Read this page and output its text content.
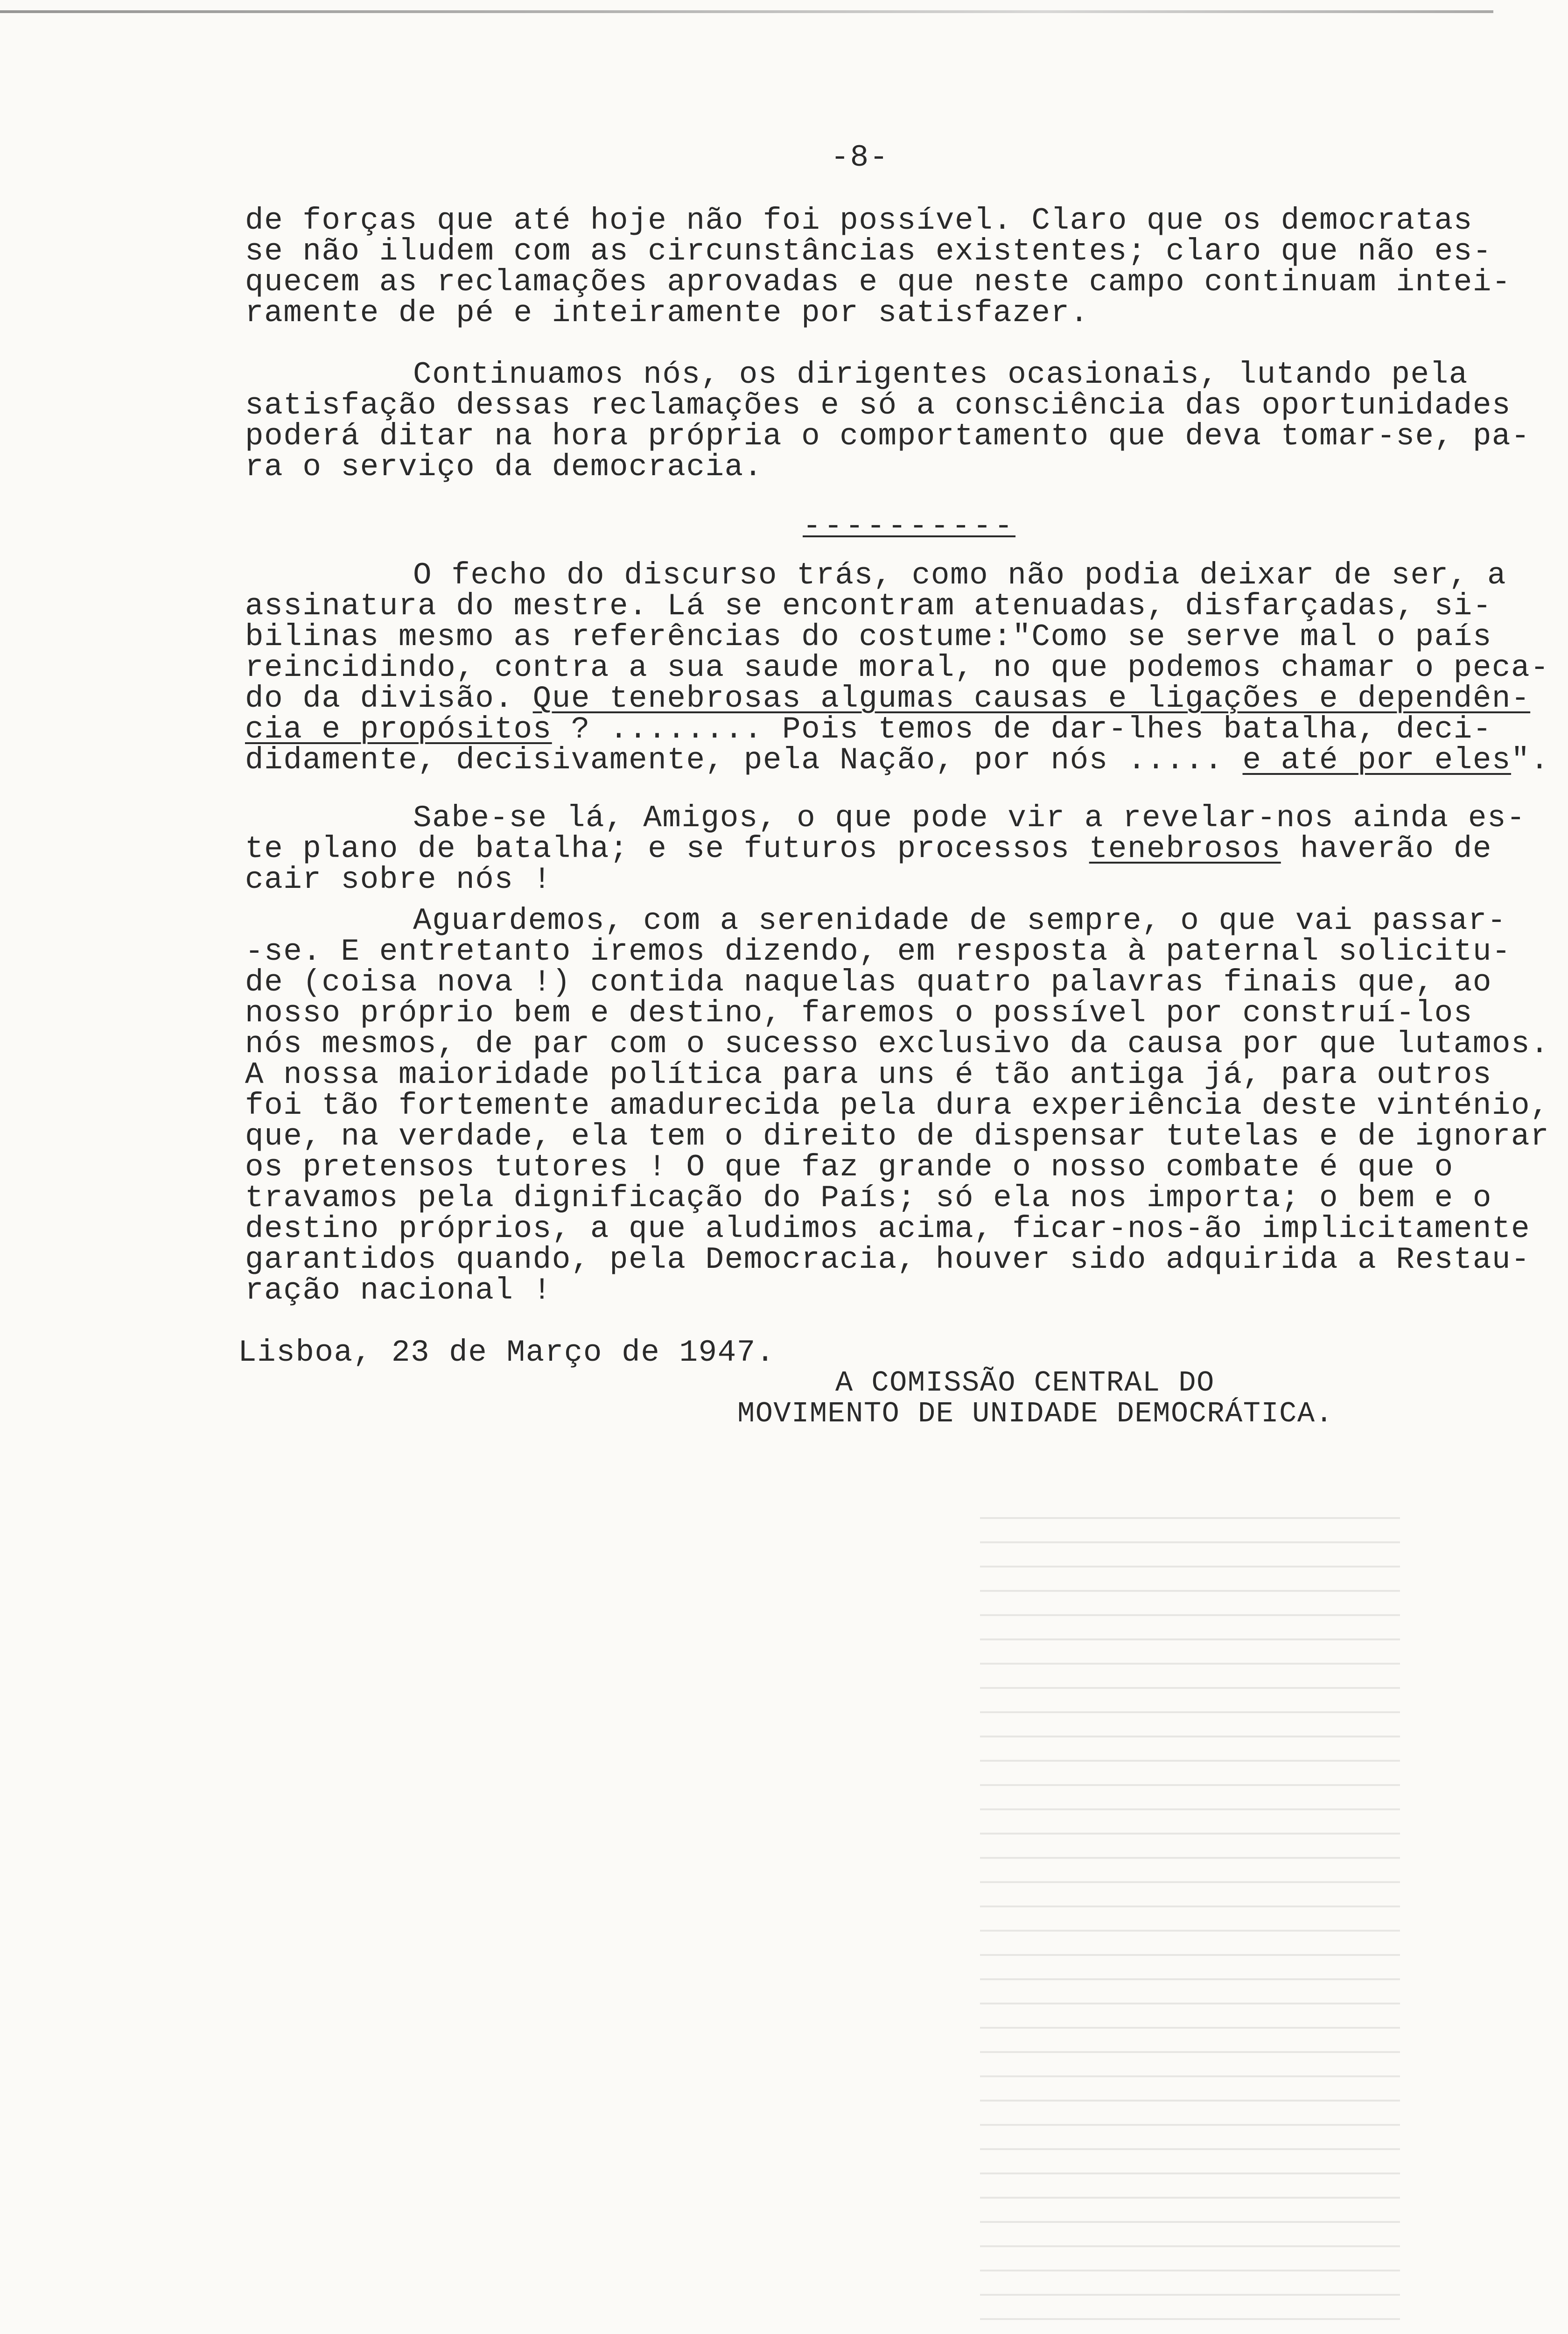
-8-
de forças que até hoje não foi possível. Claro que os democratas
se não iludem com as circunstâncias existentes; claro que não es-
quecem as reclamações aprovadas e que neste campo continuam intei-
ramente de pé e inteiramente por satisfazer.
Continuamos nós, os dirigentes ocasionais, lutando pela
satisfação dessas reclamações e só a consciência das oportunidades
poderá ditar na hora própria o comportamento que deva tomar-se, pa-
ra o serviço da democracia.
----------
O fecho do discurso trás, como não podia deixar de ser, a
assinatura do mestre. Lá se encontram atenuadas, disfarçadas, si-
bilinas mesmo as referências do costume:"Como se serve mal o país
reincidindo, contra a sua saude moral, no que podemos chamar o peca-
do da divisão. Que tenebrosas algumas causas e ligações e dependên-
cia e propósitos ? ........ Pois temos de dar-lhes batalha, deci-
didamente, decisivamente, pela Nação, por nós ..... e até por eles".
Sabe-se lá, Amigos, o que pode vir a revelar-nos ainda es-
te plano de batalha; e se futuros processos tenebrosos haverão de
cair sobre nós !
Aguardemos, com a serenidade de sempre, o que vai passar-
-se. E entretanto iremos dizendo, em resposta à paternal solicitu-
de (coisa nova !) contida naquelas quatro palavras finais que, ao
nosso próprio bem e destino, faremos o possível por construí-los
nós mesmos, de par com o sucesso exclusivo da causa por que lutamos.
A nossa maioridade política para uns é tão antiga já, para outros
foi tão fortemente amadurecida pela dura experiência deste vinténio,
que, na verdade, ela tem o direito de dispensar tutelas e de ignorar
os pretensos tutores ! O que faz grande o nosso combate é que o
travamos pela dignificação do País; só ela nos importa; o bem e o
destino próprios, a que aludimos acima, ficar-nos-ão implicitamente
garantidos quando, pela Democracia, houver sido adquirida a Restau-
ração nacional !
Lisboa, 23 de Março de 1947.
A COMISSÃO CENTRAL DO
MOVIMENTO DE UNIDADE DEMOCRÁTICA.
